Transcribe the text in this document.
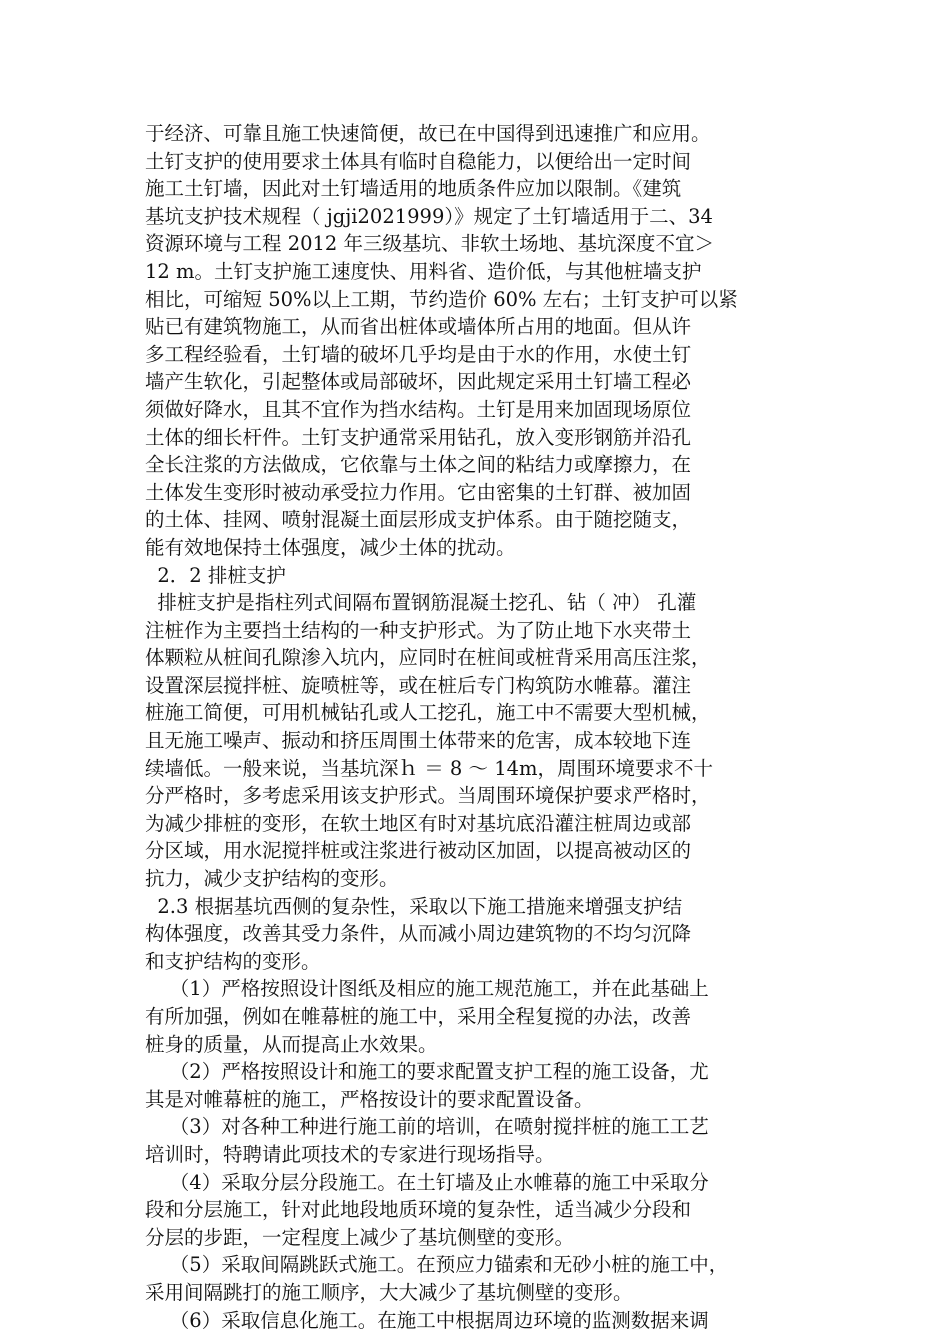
于经济、可靠且施工快速简便，故已在中国得到迅速推广和应用。
土钉支护的使用要求土体具有临时自稳能力，以便给出一定时间
施工土钉墙，因此对土钉墙适用的地质条件应加以限制。《建筑
基坑支护技术规程（ jgji2021999）》规定了土钉墙适用于二、34
资源环境与工程 2012 年三级基坑、非软土场地、基坑深度不宜＞
12 m。土钉支护施工速度快、用料省、造价低，与其他桩墙支护
相比，可缩短 50%以上工期，节约造价 60% 左右；土钉支护可以紧
贴已有建筑物施工，从而省出桩体或墙体所占用的地面。但从许
多工程经验看，土钉墙的破坏几乎均是由于水的作用，水使土钉
墙产生软化，引起整体或局部破坏，因此规定采用土钉墙工程必
须做好降水，且其不宜作为挡水结构。土钉是用来加固现场原位
土体的细长杆件。土钉支护通常采用钻孔，放入变形钢筋并沿孔
全长注浆的方法做成，它依靠与土体之间的粘结力或摩擦力，在
土体发生变形时被动承受拉力作用。它由密集的土钉群、被加固
的土体、挂网、喷射混凝土面层形成支护体系。由于随挖随支，
能有效地保持土体强度，减少土体的扰动。
2．2 排桩支护
排桩支护是指柱列式间隔布置钢筋混凝土挖孔、钻（ 冲） 孔灌
注桩作为主要挡土结构的一种支护形式。为了防止地下水夹带土
体颗粒从桩间孔隙渗入坑内，应同时在桩间或桩背采用高压注浆，
设置深层搅拌桩、旋喷桩等，或在桩后专门构筑防水帷幕。灌注
桩施工简便，可用机械钻孔或人工挖孔，施工中不需要大型机械，
且无施工噪声、振动和挤压周围土体带来的危害，成本较地下连
续墙低。一般来说，当基坑深ｈ ＝ 8 ～ 14m，周围环境要求不十
分严格时，多考虑采用该支护形式。当周围环境保护要求严格时，
为减少排桩的变形，在软土地区有时对基坑底沿灌注桩周边或部
分区域，用水泥搅拌桩或注浆进行被动区加固，以提高被动区的
抗力，减少支护结构的变形。
2.3 根据基坑西侧的复杂性，采取以下施工措施来增强支护结
构体强度，改善其受力条件，从而减小周边建筑物的不均匀沉降
和支护结构的变形。
（1）严格按照设计图纸及相应的施工规范施工，并在此基础上
有所加强，例如在帷幕桩的施工中，采用全程复搅的办法，改善
桩身的质量，从而提高止水效果。
（2）严格按照设计和施工的要求配置支护工程的施工设备，尤
其是对帷幕桩的施工，严格按设计的要求配置设备。
（3）对各种工种进行施工前的培训，在喷射搅拌桩的施工工艺
培训时，特聘请此项技术的专家进行现场指导。
（4）采取分层分段施工。在土钉墙及止水帷幕的施工中采取分
段和分层施工，针对此地段地质环境的复杂性，适当减少分段和
分层的步距，一定程度上减少了基坑侧壁的变形。
（5）采取间隔跳跃式施工。在预应力锚索和无砂小桩的施工中，
采用间隔跳打的施工顺序，大大减少了基坑侧壁的变形。
（6）采取信息化施工。在施工中根据周边环境的监测数据来调
